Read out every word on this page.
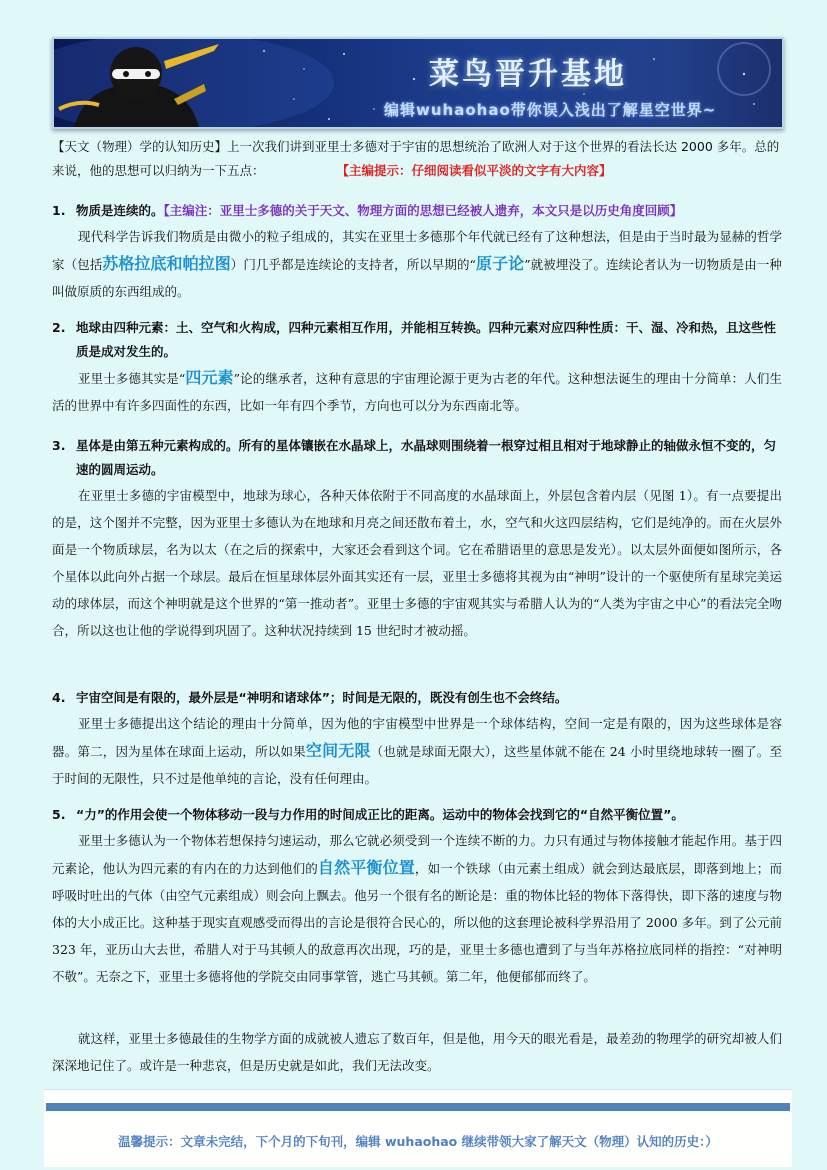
菜鸟晋升基地
编辑wuhaohao带你误入浅出了解星空世界~
【天文（物理）学的认知历史】上一次我们讲到亚里士多德对于宇宙的思想统治了欧洲人对于这个世界的看法长达 2000 多年。总的来说，他的思想可以归纳为一下五点：	【主编提示：仔细阅读看似平淡的文字有大内容】
1. 物质是连续的。【主编注：亚里士多德的关于天文、物理方面的思想已经被人遗弃，本文只是以历史角度回顾】

现代科学告诉我们物质是由微小的粒子组成的，其实在亚里士多德那个年代就已经有了这种想法，但是由于当时最为显赫的哲学家（包括苏格拉底和帕拉图）门几乎都是连续论的支持者，所以早期的“原子论”就被埋没了。连续论者认为一切物质是由一种叫做原质的东西组成的。

2. 地球由四种元素：土、空气和火构成，四种元素相互作用，并能相互转换。四种元素对应四种性质：干、湿、冷和热，且这些性质是成对发生的。

亚里士多德其实是“四元素”论的继承者，这种有意思的宇宙理论源于更为古老的年代。这种想法诞生的理由十分简单：人们生活的世界中有许多四面性的东西，比如一年有四个季节，方向也可以分为东西南北等。

3. 星体是由第五种元素构成的。所有的星体镶嵌在水晶球上，水晶球则围绕着一根穿过相且相对于地球静止的轴做永恒不变的，匀速的圆周运动。

在亚里士多德的宇宙模型中，地球为球心，各种天体依附于不同高度的水晶球面上，外层包含着内层（见图 1）。有一点要提出的是，这个图并不完整，因为亚里士多德认为在地球和月亮之间还散布着土，水，空气和火这四层结构，它们是纯净的。而在火层外面是一个物质球层，名为以太（在之后的探索中，大家还会看到这个词。它在希腊语里的意思是发光）。以太层外面便如图所示，各个星体以此向外占据一个球层。最后在恒星球体层外面其实还有一层，亚里士多德将其视为由“神明”设计的一个驱使所有星球完美运动的球体层，而这个神明就是这个世界的“第一推动者”。亚里士多德的宇宙观其实与希腊人认为的“人类为宇宙之中心”的看法完全吻合，所以这也让他的学说得到巩固了。这种状况持续到 15 世纪时才被动摇。

4. 宇宙空间是有限的，最外层是“神明和诸球体”；时间是无限的，既没有创生也不会终结。

亚里士多德提出这个结论的理由十分简单，因为他的宇宙模型中世界是一个球体结构，空间一定是有限的，因为这些球体是容器。第二，因为星体在球面上运动，所以如果空间无限（也就是球面无限大），这些星体就不能在 24 小时里绕地球转一圈了。至于时间的无限性，只不过是他单纯的言论，没有任何理由。

5. “力”的作用会使一个物体移动一段与力作用的时间成正比的距离。运动中的物体会找到它的“自然平衡位置”。

亚里士多德认为一个物体若想保持匀速运动，那么它就必须受到一个连续不断的力。力只有通过与物体接触才能起作用。基于四元素论，他认为四元素的有内在的力达到他们的自然平衡位置，如一个铁球（由元素土组成）就会到达最底层，即落到地上；而呼吸时吐出的气体（由空气元素组成）则会向上飘去。他另一个很有名的断论是：重的物体比轻的物体下落得快，即下落的速度与物体的大小成正比。这种基于现实直观感受而得出的言论是很符合民心的，所以他的这套理论被科学界沿用了 2000 多年。到了公元前 323 年，亚历山大去世，希腊人对于马其顿人的敌意再次出现，巧的是，亚里士多德也遭到了与当年苏格拉底同样的指控：“对神明不敬”。无奈之下，亚里士多德将他的学院交由同事掌管，逃亡马其顿。第二年，他便郁郁而终了。

就这样，亚里士多德最佳的生物学方面的成就被人遗忘了数百年，但是他，用今天的眼光看是，最差劲的物理学的研究却被人们深深地记住了。或许是一种悲哀，但是历史就是如此，我们无法改变。

温馨提示：文章未完结，下个月的下旬刊，编辑 wuhaohao 继续带领大家了解天文（物理）认知的历史：）
